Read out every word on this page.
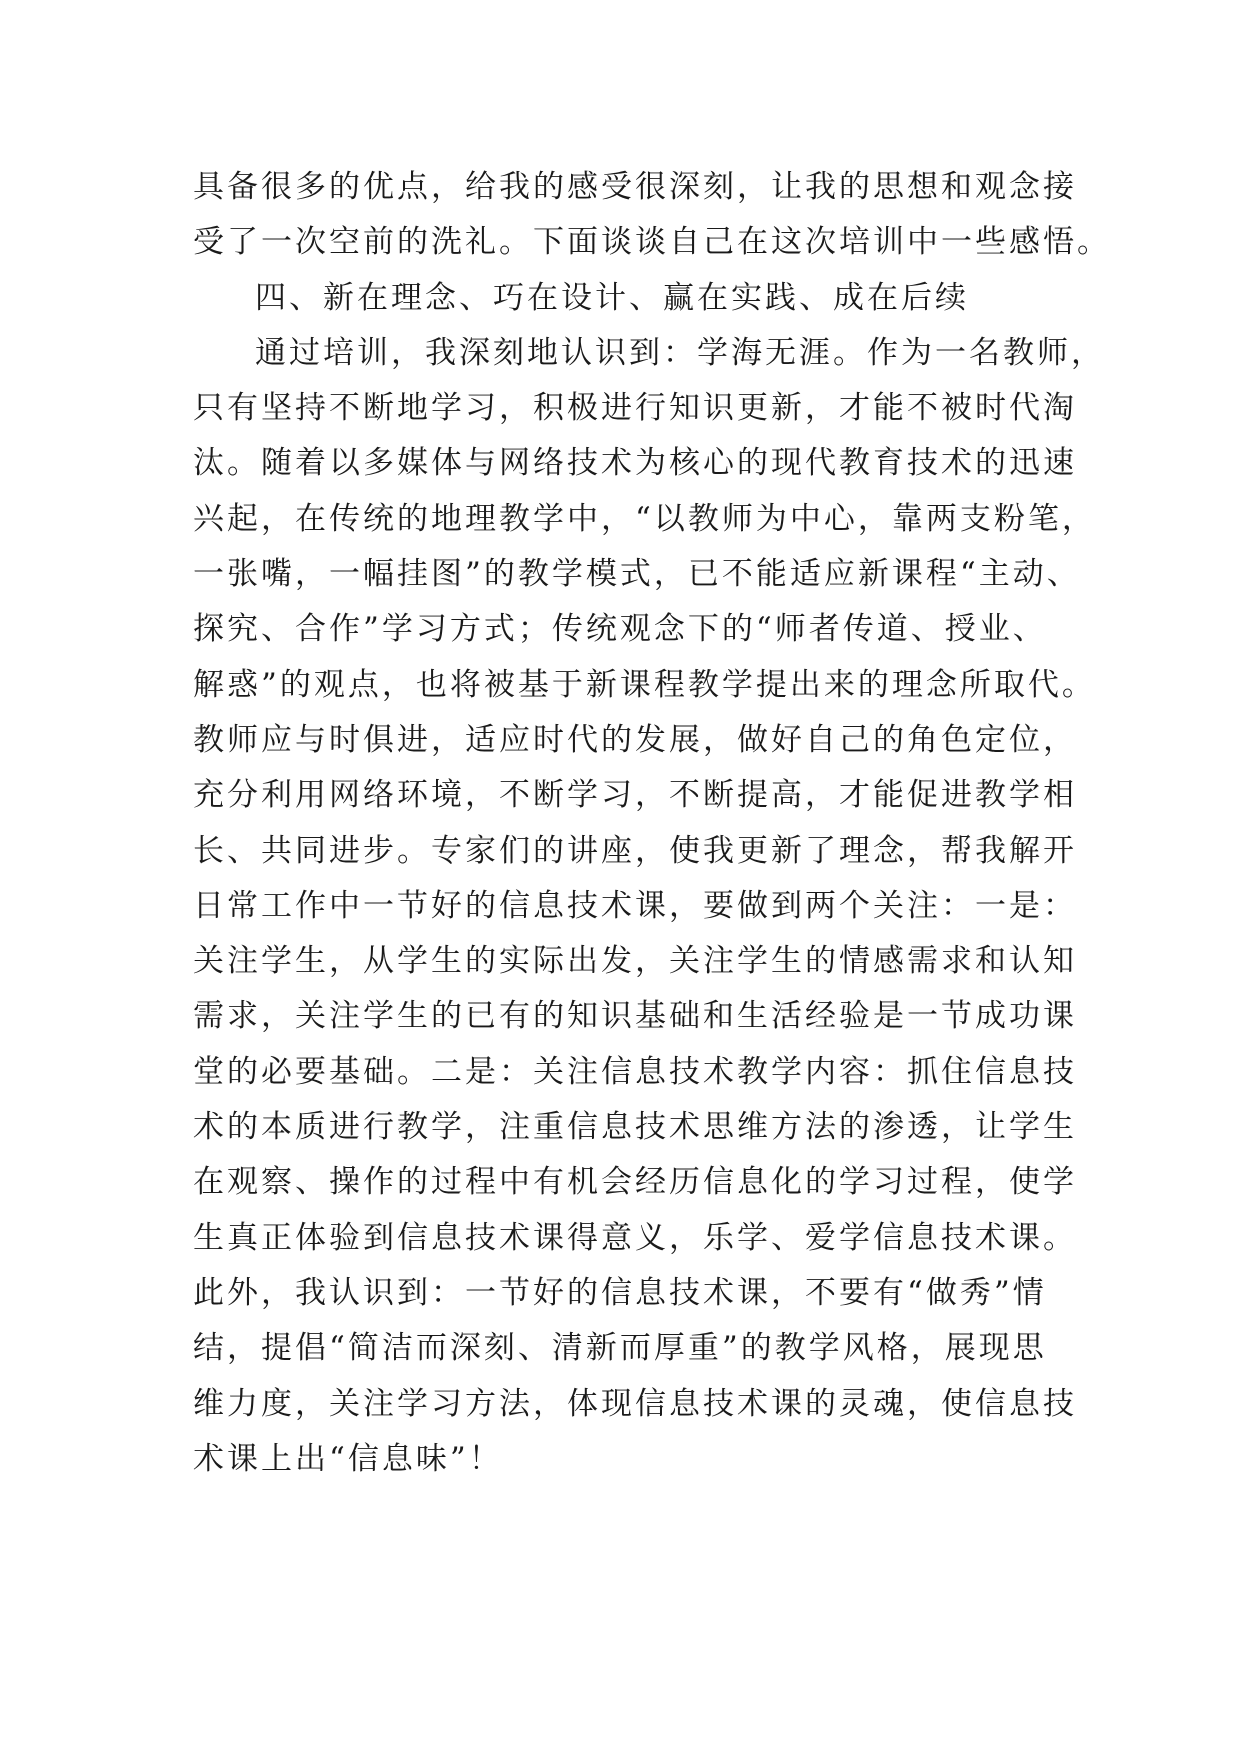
具备很多的优点，给我的感受很深刻，让我的思想和观念接
受了一次空前的洗礼。下面谈谈自己在这次培训中一些感悟。
四、新在理念、巧在设计、赢在实践、成在后续
通过培训，我深刻地认识到：学海无涯。作为一名教师，
只有坚持不断地学习，积极进行知识更新，才能不被时代淘
汰。随着以多媒体与网络技术为核心的现代教育技术的迅速
兴起，在传统的地理教学中，“以教师为中心，靠两支粉笔，
一张嘴，一幅挂图”的教学模式，已不能适应新课程“主动、
探究、合作”学习方式；传统观念下的“师者传道、授业、
解惑”的观点，也将被基于新课程教学提出来的理念所取代。
教师应与时俱进，适应时代的发展，做好自己的角色定位，
充分利用网络环境，不断学习，不断提高，才能促进教学相
长、共同进步。专家们的讲座，使我更新了理念，帮我解开
日常工作中一节好的信息技术课，要做到两个关注：一是：
关注学生，从学生的实际出发，关注学生的情感需求和认知
需求，关注学生的已有的知识基础和生活经验是一节成功课
堂的必要基础。二是：关注信息技术教学内容：抓住信息技
术的本质进行教学，注重信息技术思维方法的渗透，让学生
在观察、操作的过程中有机会经历信息化的学习过程，使学
生真正体验到信息技术课得意义，乐学、爱学信息技术课。
此外，我认识到：一节好的信息技术课，不要有“做秀”情
结，提倡“简洁而深刻、清新而厚重”的教学风格，展现思
维力度，关注学习方法，体现信息技术课的灵魂，使信息技
术课上出“信息味”！
